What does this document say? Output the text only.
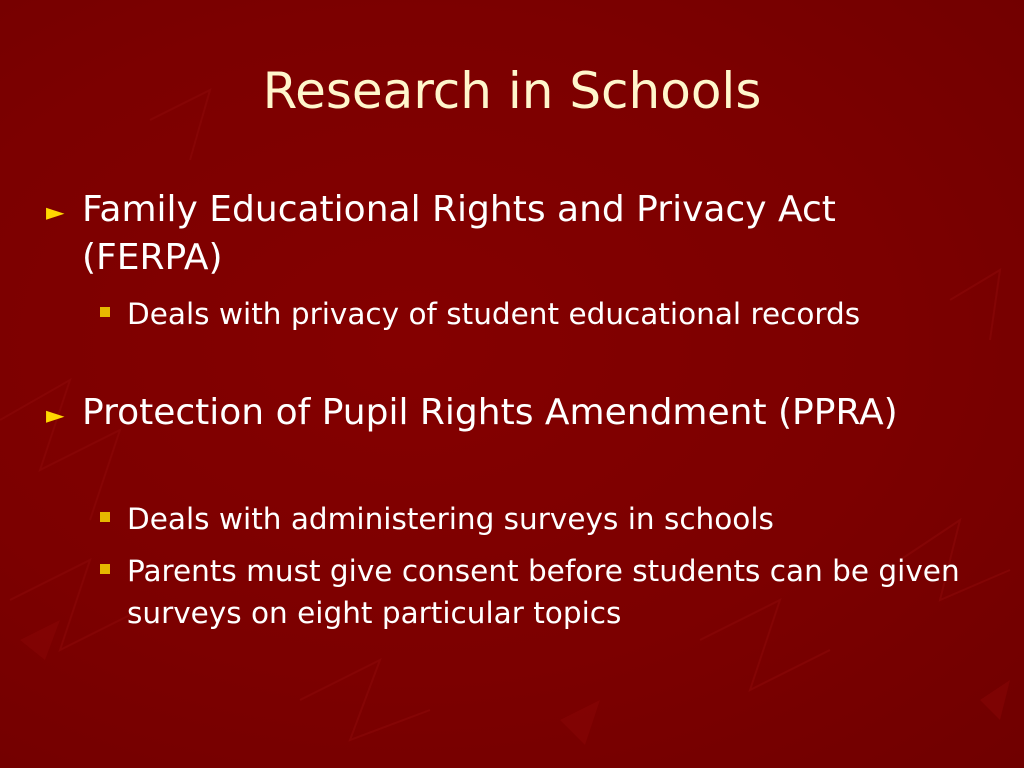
Research in Schools
► Family Educational Rights and Privacy Act (FERPA)
Deals with privacy of student educational records
► Protection of Pupil Rights Amendment (PPRA)
Deals with administering surveys in schools
Parents must give consent before students can be given surveys on eight particular topics
